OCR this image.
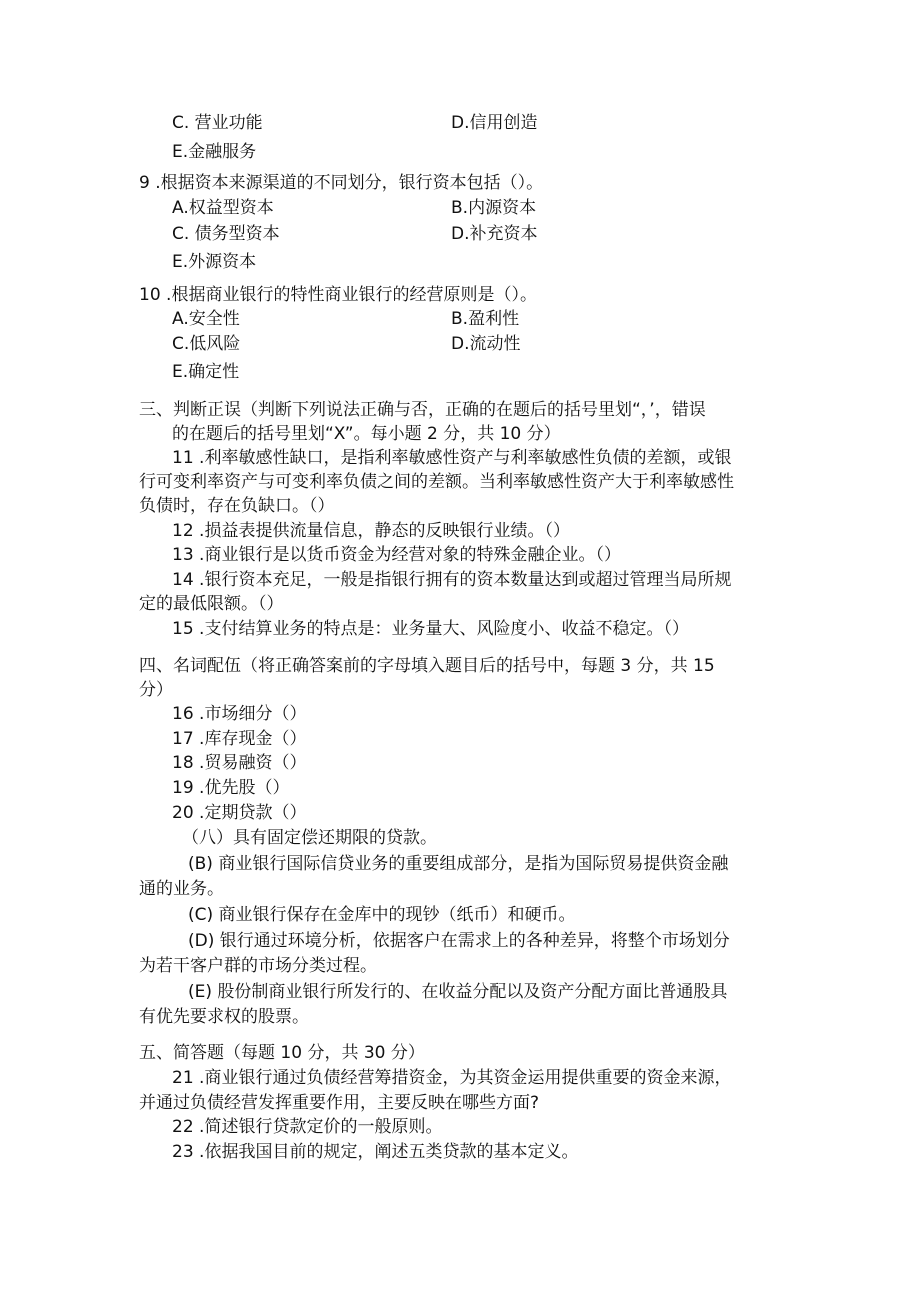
C. 营业功能	D.信用创造
E.金融服务
9 .根据资本来源渠道的不同划分，银行资本包括（）。
A.权益型资本	B.内源资本
C. 债务型资本	D.补充资本
E.外源资本
10 .根据商业银行的特性商业银行的经营原则是（）。
A.安全性	B.盈利性
C.低风险	D.流动性
E.确定性
三、判断正误（判断下列说法正确与否，正确的在题后的括号里划“，’，错误
的在题后的括号里划“X”。每小题 2 分，共 10 分）
11 .利率敏感性缺口，是指利率敏感性资产与利率敏感性负债的差额，或银
行可变利率资产与可变利率负债之间的差额。当利率敏感性资产大于利率敏感性
负债时，存在负缺口。（）
12 .损益表提供流量信息，静态的反映银行业绩。（）
13 .商业银行是以货币资金为经营对象的特殊金融企业。（）
14 .银行资本充足，一般是指银行拥有的资本数量达到或超过管理当局所规
定的最低限额。（）
15 .支付结算业务的特点是：业务量大、风险度小、收益不稳定。（）
四、名词配伍（将正确答案前的字母填入题目后的括号中，每题 3 分，共 15
分）
16 .市场细分（）
17 .库存现金（）
18 .贸易融资（）
19 .优先股（）
20 .定期贷款（）
（八）具有固定偿还期限的贷款。
(B) 商业银行国际信贷业务的重要组成部分，是指为国际贸易提供资金融
通的业务。
(C) 商业银行保存在金库中的现钞（纸币）和硬币。
(D) 银行通过环境分析，依据客户在需求上的各种差异，将整个市场划分
为若干客户群的市场分类过程。
(E) 股份制商业银行所发行的、在收益分配以及资产分配方面比普通股具
有优先要求权的股票。
五、简答题（每题 10 分，共 30 分）
21 .商业银行通过负债经营筹措资金，为其资金运用提供重要的资金来源，
并通过负债经营发挥重要作用，主要反映在哪些方面?
22 .简述银行贷款定价的一般原则。
23 .依据我国目前的规定，阐述五类贷款的基本定义。
